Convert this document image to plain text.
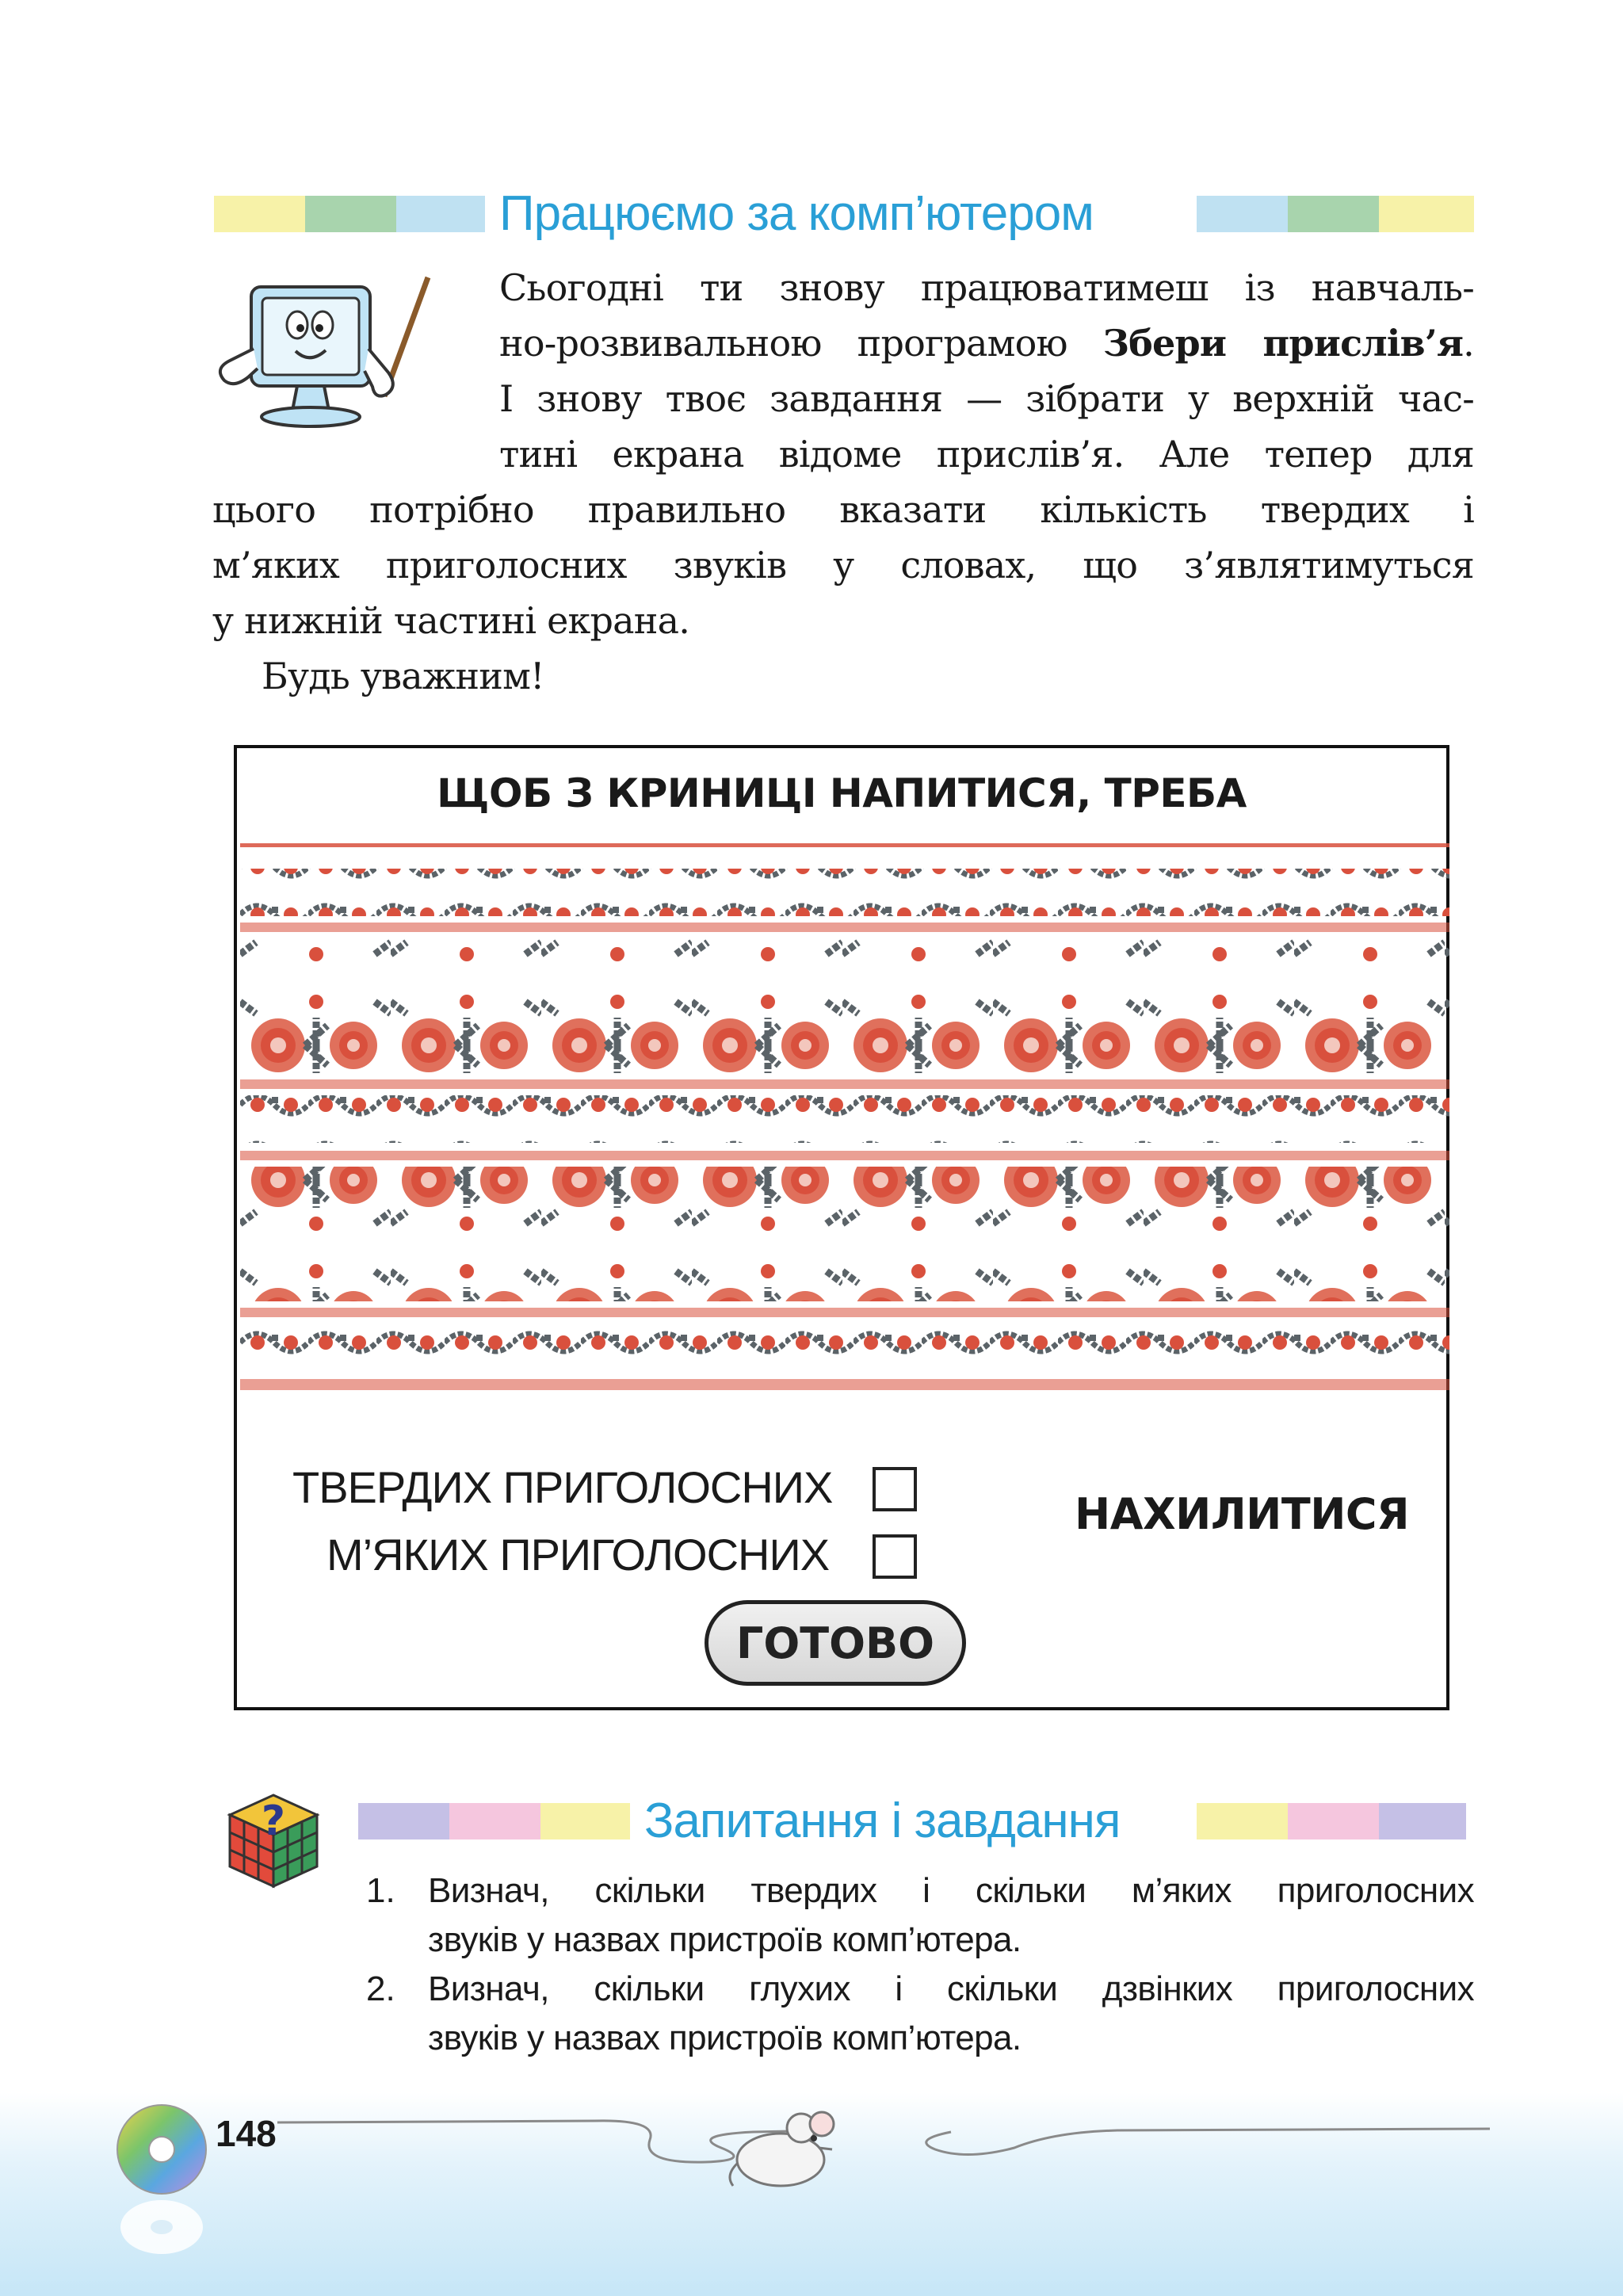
Працюємо за комп’ютером
Сьогодні ти знову працюватимеш із навчаль-
но-розвивальною програмою Збери прислів’я.
І знову твоє завдання — зібрати у верхній час-
тині екрана відоме прислів’я. Але тепер для
цього потрібно правильно вказати кількість твердих і
м’яких приголосних звуків у словах, що з’являтимуться
у нижній частині екрана.
Будь уважним!
ЩОБ З КРИНИЦІ НАПИТИСЯ, ТРЕБА
ТВЕРДИХ ПРИГОЛОСНИХ
М’ЯКИХ ПРИГОЛОСНИХ
НАХИЛИТИСЯ
ГОТОВО
?	Запитання і завдання
1. Визнач, скільки твердих і скільки м’яких приголосних
звуків у назвах пристроїв комп’ютера.
2. Визнач, скільки глухих і скільки дзвінких приголосних
звуків у назвах пристроїв комп’ютера.
148
